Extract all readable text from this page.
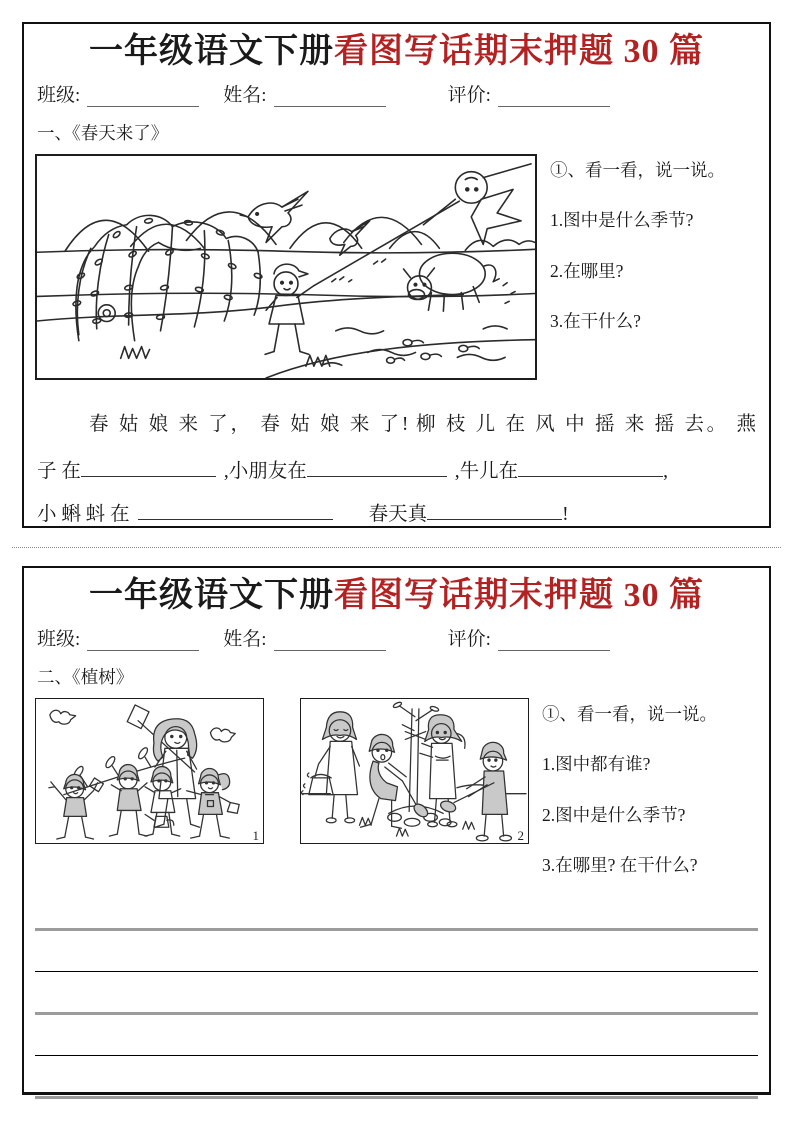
一年级语文下册看图写话期末押题 30 篇
班级:	姓名:	评价:
一、《春天来了》
①、看一看，说一说。
1.图中是什么季节?
2.在哪里?
3.在干什么?
春 姑 娘 来 了， 春 姑 娘 来 了! 柳 枝 儿 在 风 中 摇 来 摇 去。 燕
子 在	,小朋友在	,牛儿在	,
小 蝌 蚪 在	春天真	!
一年级语文下册看图写话期末押题 30 篇
班级:	姓名:	评价:
二、《植树》
1	2
①、看一看，说一说。
1.图中都有谁?
2.图中是什么季节?
3.在哪里? 在干什么?
